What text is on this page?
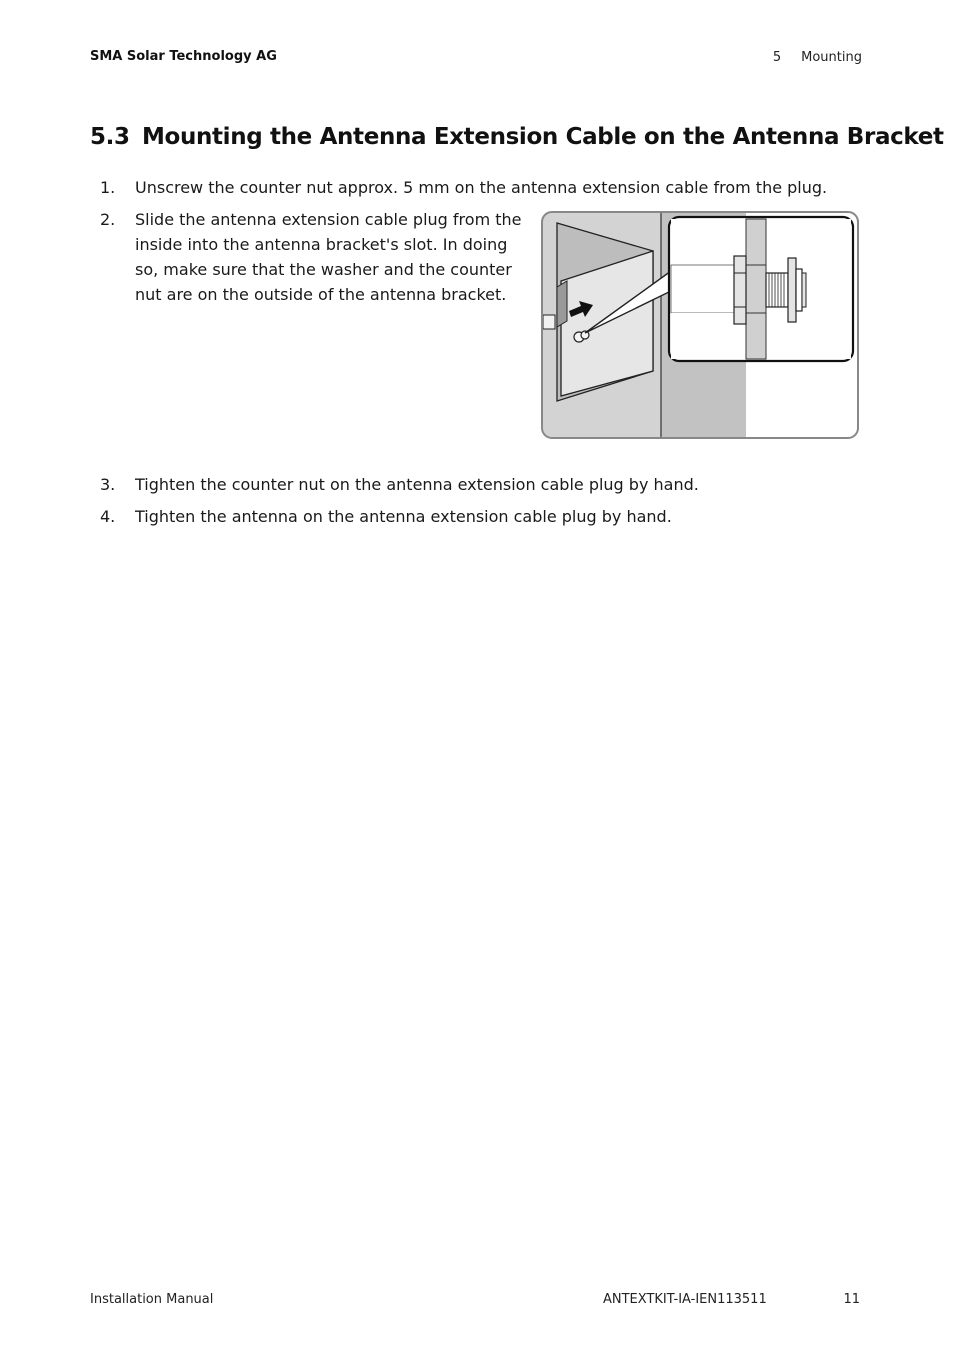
SMA Solar Technology AG	5 Mounting
5.3 Mounting the Antenna Extension Cable on the Antenna Bracket
1.	Unscrew the counter nut approx. 5 mm on the antenna extension cable from the plug.
2.	Slide the antenna extension cable plug from the inside into the antenna bracket's slot. In doing so, make sure that the washer and the counter nut are on the outside of the antenna bracket.
3.	Tighten the counter nut on the antenna extension cable plug by hand.
4.	Tighten the antenna on the antenna extension cable plug by hand.
Installation Manual	ANTEXTKIT-IA-IEN113511	11
